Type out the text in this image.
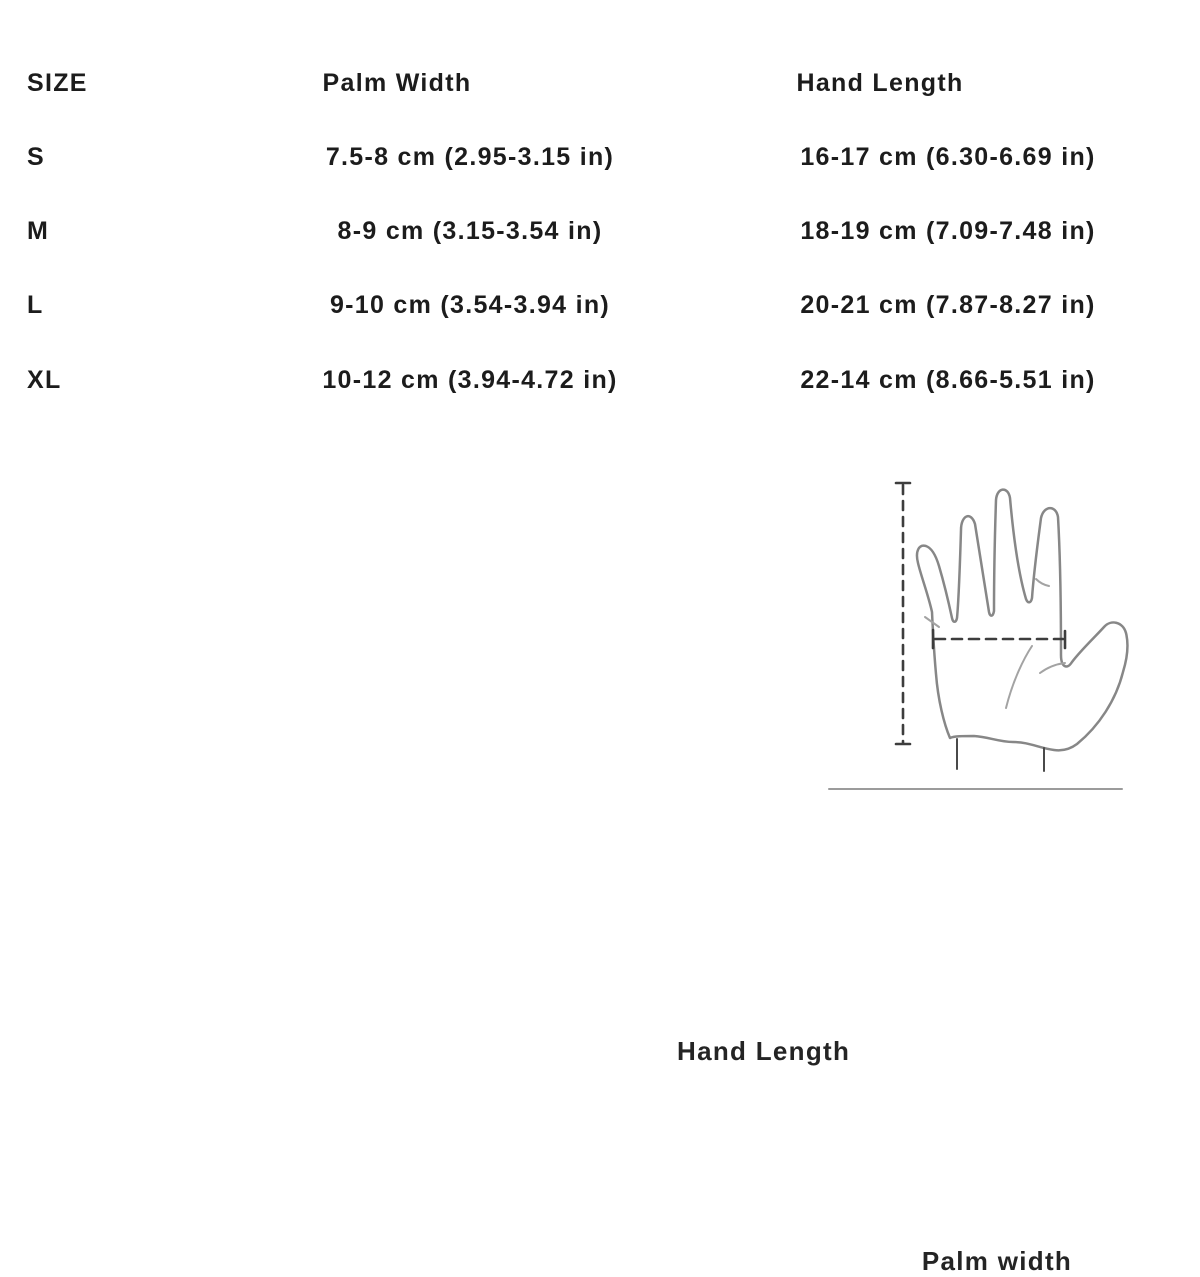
SIZE	Palm Width	Hand Length
S	7.5-8 cm (2.95-3.15 in)	16-17 cm (6.30-6.69 in)
M	8-9 cm (3.15-3.54 in)	18-19 cm (7.09-7.48 in)
L	9-10 cm (3.54-3.94 in)	20-21 cm (7.87-8.27 in)
XL	10-12 cm (3.94-4.72 in)	22-14 cm (8.66-5.51 in)
Hand Length
Palm width
